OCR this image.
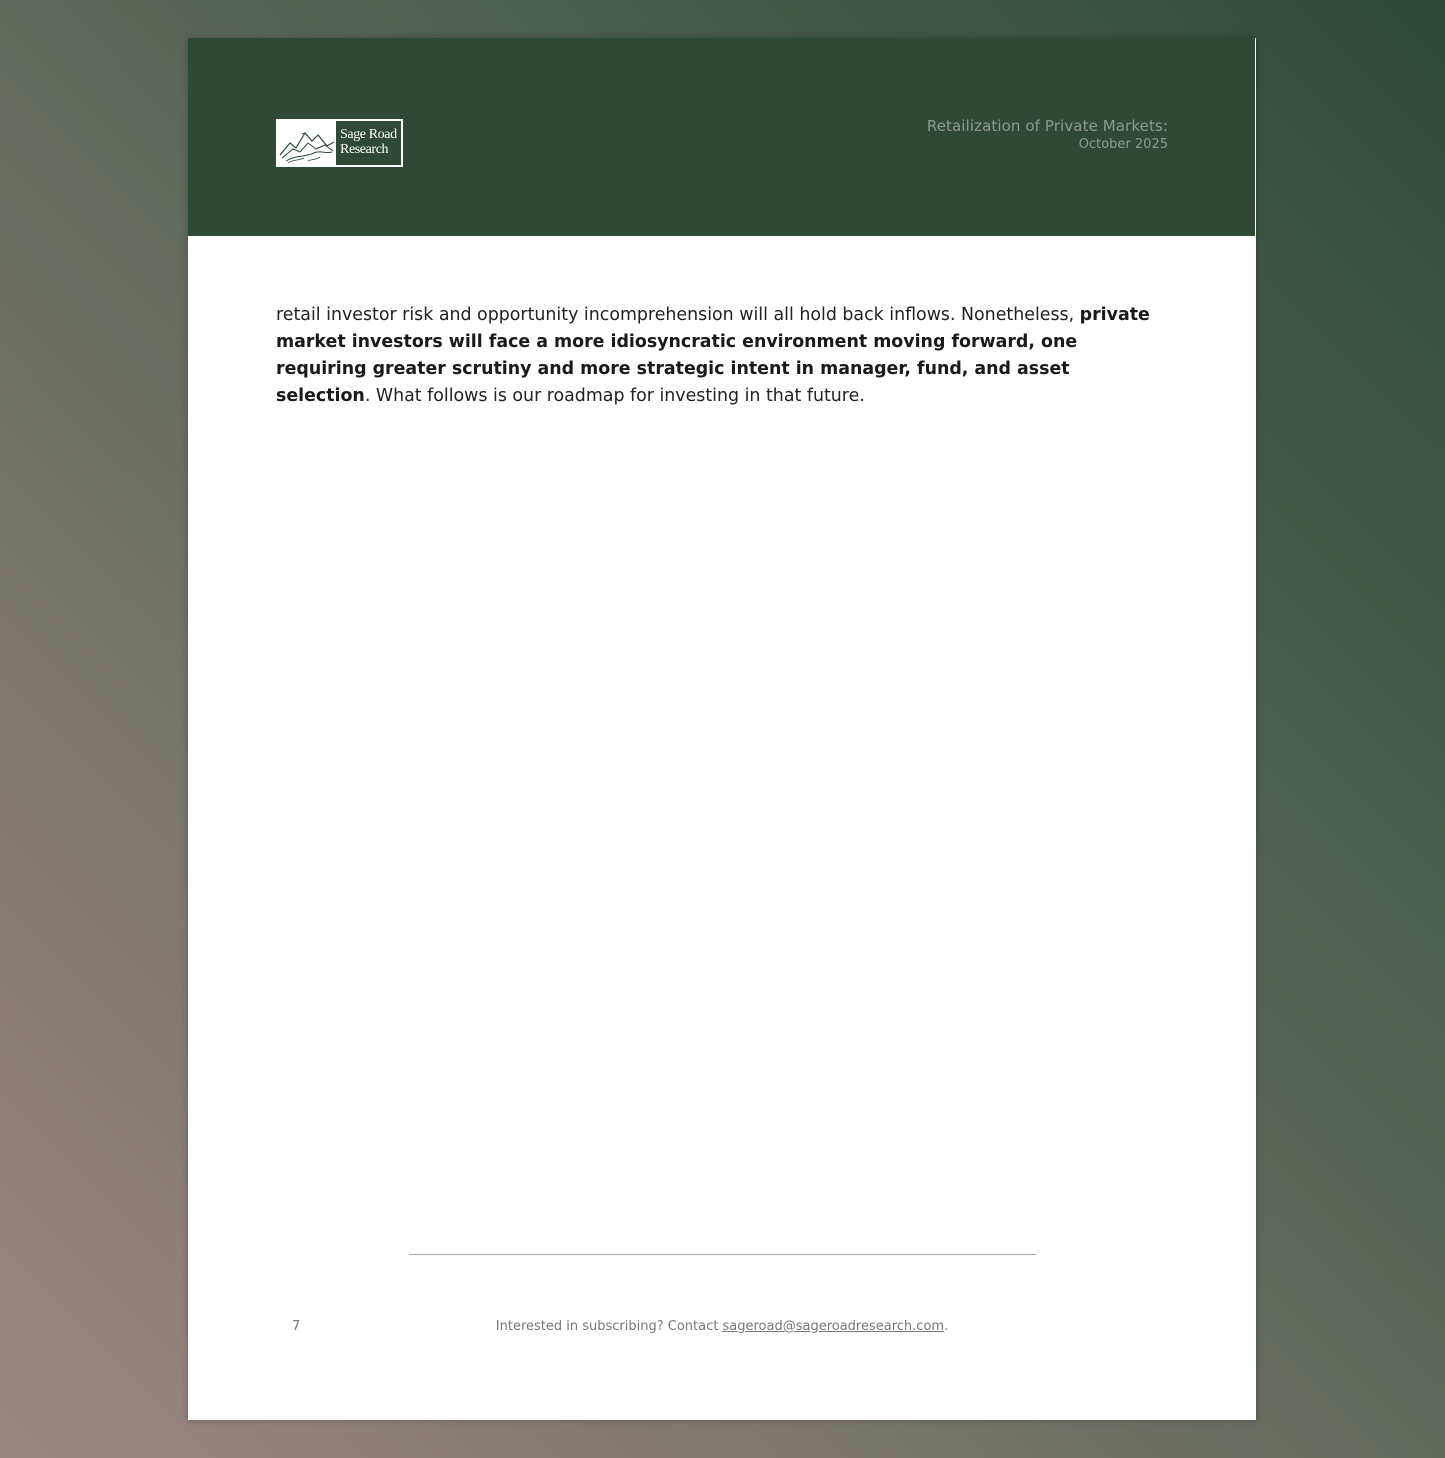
Sage Road
Research
Retailization of Private Markets:
October 2025

retail investor risk and opportunity incomprehension will all hold back inflows. Nonetheless, private market investors will face a more idiosyncratic environment moving forward, one requiring greater scrutiny and more strategic intent in manager, fund, and asset selection. What follows is our roadmap for investing in that future.

7	Interested in subscribing? Contact sageroad@sageroadresearch.com.
